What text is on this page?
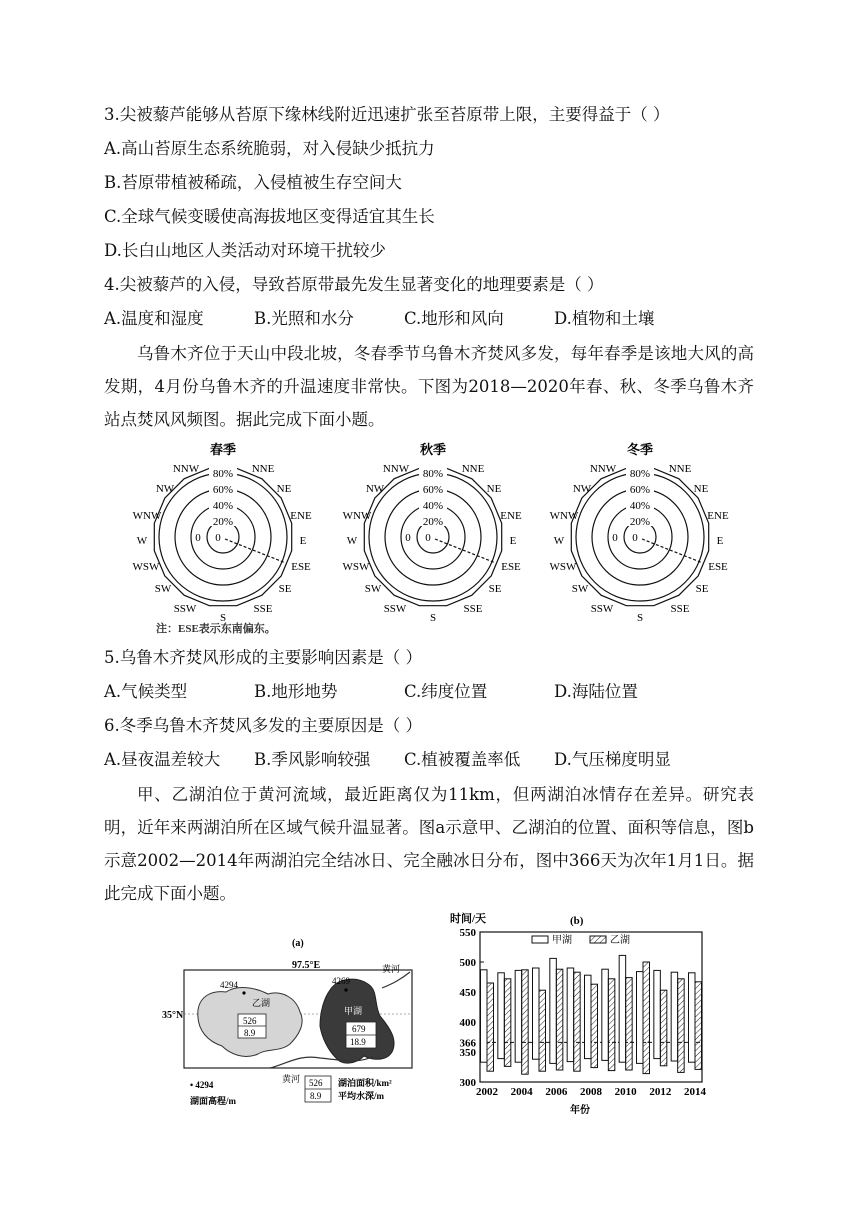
3.尖被藜芦能够从苔原下缘林线附近迅速扩张至苔原带上限，主要得益于（ ）
A.高山苔原生态系统脆弱，对入侵缺少抵抗力
B.苔原带植被稀疏，入侵植被生存空间大
C.全球气候变暖使高海拔地区变得适宜其生长
D.长白山地区人类活动对环境干扰较少
4.尖被藜芦的入侵，导致苔原带最先发生显著变化的地理要素是（ ）
A.温度和湿度	B.光照和水分	C.地形和风向	D.植物和土壤
乌鲁木齐位于天山中段北坡，冬春季节乌鲁木齐焚风多发，每年春季是该地大风的高发期，4月份乌鲁木齐的升温速度非常快。下图为2018—2020年春、秋、冬季乌鲁木齐站点焚风风频图。据此完成下面小题。
春季
20%
40%
60%
80%
0
0
NNW	NNE
NW	NE
WNW	ENE
W	E
WSW	ESE
SW	SE
SSW	SSE
S
秋季
20%
40%
60%
80%
0
0
NNW	NNE
NW	NE
WNW	ENE
W	E
WSW	ESE
SW	SE
SSW	SSE
S
冬季
20%
40%
60%
80%
0
0
NNW	NNE
NW	NE
WNW	ENE
W	E
WSW	ESE
SW	SE
SSW	SSE
S
注：ESE表示东南偏东。
5.乌鲁木齐焚风形成的主要影响因素是（ ）
A.气候类型	B.地形地势	C.纬度位置	D.海陆位置
6.冬季乌鲁木齐焚风多发的主要原因是（ ）
A.昼夜温差较大 B.季风影响较强 C.植被覆盖率低 D.气压梯度明显
甲、乙湖泊位于黄河流域，最近距离仅为11km，但两湖泊冰情存在差异。研究表明，近年来两湖泊所在区域气候升温显著。图a示意甲、乙湖泊的位置、面积等信息，图b示意2002—2014年两湖泊完全结冰日、完全融冰日分布，图中366天为次年1月1日。据此完成下面小题。
(a)
97.5°E
35°N
黄河
黄河
4294
乙湖
526
8.9
4269
甲湖
679
18.9
• 4294
湖面高程/m
526
8.9
湖泊面积/km²
平均水深/m
时间/天	(b)
年份
300
350
400
450
500
550
366
2002 2004 2006 2008 2010 2012 2014
甲湖	乙湖
